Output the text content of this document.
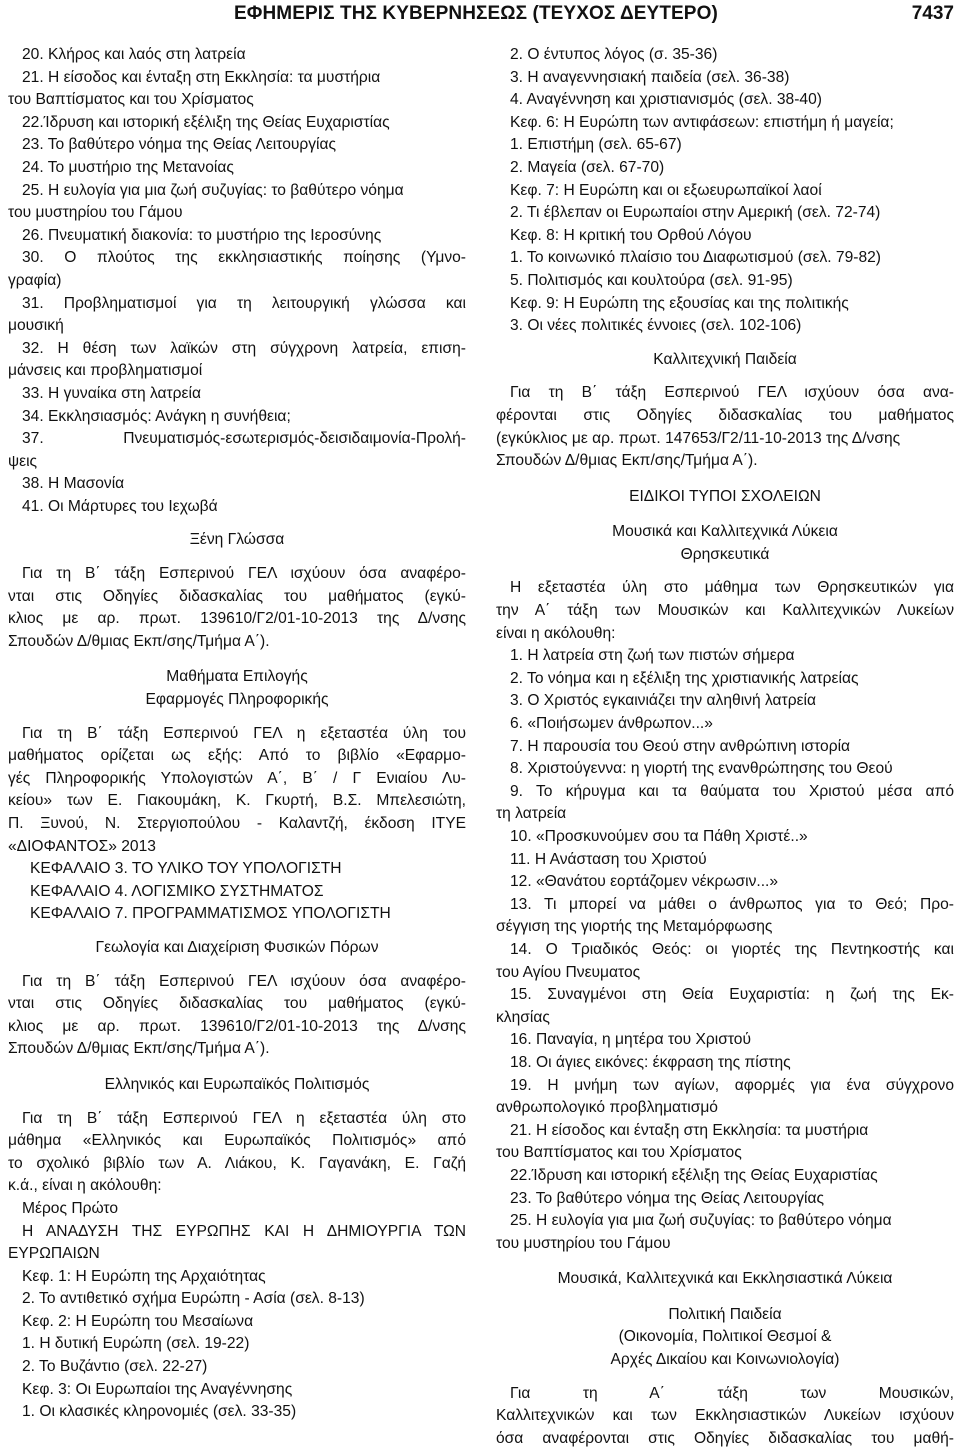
ΕΦΗΜΕΡΙΣ ΤΗΣ ΚΥΒΕΡΝΗΣΕΩΣ (ΤΕΥΧΟΣ ΔΕΥΤΕΡΟ)	7437
20. Κλήρος και λαός στη λατρεία
21. Η είσοδος και ένταξη στη Εκκλησία: τα μυστήρια
του Βαπτίσματος και του Χρίσματος
22.Ίδρυση και ιστορική εξέλιξη της Θείας Ευχαριστίας
23. Το βαθύτερο νόημα της Θείας Λειτουργίας
24. Το μυστήριο της Μετανοίας
25. Η ευλογία για μια ζωή συζυγίας: το βαθύτερο νόημα
του μυστηρίου του Γάμου
26. Πνευματική διακονία: το μυστήριο της Ιεροσύνης
30. Ο πλούτος της εκκλησιαστικής ποίησης (Υμνο-
γραφία)
31. Προβληματισμοί για τη λειτουργική γλώσσα και
μουσική
32. Η θέση των λαϊκών στη σύγχρονη λατρεία, επιση-
μάνσεις και προβληματισμοί
33. Η γυναίκα στη λατρεία
34. Εκκλησιασμός: Ανάγκη η συνήθεια;
37. Πνευματισμός-εσωτερισμός-δεισιδαιμονία-Προλή-
ψεις
38. Η Μασονία
41. Οι Μάρτυρες του Ιεχωβά
Ξένη Γλώσσα
Για τη Β΄ τάξη Εσπερινού ΓΕΛ ισχύουν όσα αναφέρο-
νται στις Οδηγίες διδασκαλίας του μαθήματος (εγκύ-
κλιος με αρ. πρωτ. 139610/Γ2/01-10-2013 της Δ/νσης
Σπουδών Δ/θμιας Εκπ/σης/Τμήμα Α΄).
Μαθήματα Επιλογής
Εφαρμογές Πληροφορικής
Για τη Β΄ τάξη Εσπερινού ΓΕΛ η εξεταστέα ύλη του
μαθήματος ορίζεται ως εξής: Από το βιβλίο «Εφαρμο-
γές Πληροφορικής Υπολογιστών Α΄, Β΄ / Γ Ενιαίου Λυ-
κείου» των Ε. Γιακουμάκη, Κ. Γκυρτή, Β.Σ. Μπελεσιώτη,
Π. Ξυνού, Ν. Στεργιοπούλου - Καλαντζή, έκδοση ΙΤΥΕ
«ΔΙΟΦΑΝΤΟΣ» 2013
ΚΕΦΑΛΑΙΟ 3. ΤΟ ΥΛΙΚΟ ΤΟΥ ΥΠΟΛΟΓΙΣΤΗ
ΚΕΦΑΛΑΙΟ 4. ΛΟΓΙΣΜΙΚΟ ΣΥΣΤΗΜΑΤΟΣ
ΚΕΦΑΛΑΙΟ 7. ΠΡΟΓΡΑΜΜΑΤΙΣΜΟΣ ΥΠΟΛΟΓΙΣΤΗ
Γεωλογία και Διαχείριση Φυσικών Πόρων
Για τη Β΄ τάξη Εσπερινού ΓΕΛ ισχύουν όσα αναφέρο-
νται στις Οδηγίες διδασκαλίας του μαθήματος (εγκύ-
κλιος με αρ. πρωτ. 139610/Γ2/01-10-2013 της Δ/νσης
Σπουδών Δ/θμιας Εκπ/σης/Τμήμα Α΄).
Ελληνικός και Ευρωπαϊκός Πολιτισμός
Για τη Β΄ τάξη Εσπερινού ΓΕΛ η εξεταστέα ύλη στο
μάθημα «Ελληνικός και Ευρωπαϊκός Πολιτισμός» από
το σχολικό βιβλίο των Α. Λιάκου, Κ. Γαγανάκη, Ε. Γαζή
κ.ά., είναι η ακόλουθη:
Μέρος Πρώτο
Η ΑΝΑΔΥΣΗ ΤΗΣ ΕΥΡΩΠΗΣ ΚΑΙ Η ΔΗΜΙΟΥΡΓΙΑ ΤΩΝ
ΕΥΡΩΠΑΙΩΝ
Κεφ. 1: Η Ευρώπη της Αρχαιότητας
2. Το αντιθετικό σχήμα Ευρώπη - Ασία (σελ. 8-13)
Κεφ. 2: Η Ευρώπη του Μεσαίωνα
1. Η δυτική Ευρώπη (σελ. 19-22)
2. Το Βυζάντιο (σελ. 22-27)
Κεφ. 3: Οι Ευρωπαίοι της Αναγέννησης
1. Οι κλασικές κληρονομιές (σελ. 33-35)
2. Ο έντυπος λόγος (σ. 35-36)
3. Η αναγεννησιακή παιδεία (σελ. 36-38)
4. Αναγέννηση και χριστιανισμός (σελ. 38-40)
Κεφ. 6: Η Ευρώπη των αντιφάσεων: επιστήμη ή μαγεία;
1. Επιστήμη (σελ. 65-67)
2. Μαγεία (σελ. 67-70)
Κεφ. 7: Η Ευρώπη και οι εξωευρωπαϊκοί λαοί
2. Τι έβλεπαν οι Ευρωπαίοι στην Αμερική (σελ. 72-74)
Κεφ. 8: Η κριτική του Ορθού Λόγου
1. Το κοινωνικό πλαίσιο του Διαφωτισμού (σελ. 79-82)
5. Πολιτισμός και κουλτούρα (σελ. 91-95)
Κεφ. 9: Η Ευρώπη της εξουσίας και της πολιτικής
3. Οι νέες πολιτικές έννοιες (σελ. 102-106)
Καλλιτεχνική Παιδεία
Για τη Β΄ τάξη Εσπερινού ΓΕΛ ισχύουν όσα ανα-
φέρονται στις Οδηγίες διδασκαλίας του μαθήματος
(εγκύκλιος με αρ. πρωτ. 147653/Γ2/11-10-2013 της Δ/νσης
Σπουδών Δ/θμιας Εκπ/σης/Τμήμα Α΄).
ΕΙΔΙΚΟΙ ΤΥΠΟΙ ΣΧΟΛΕΙΩΝ
Μουσικά και Καλλιτεχνικά Λύκεια
Θρησκευτικά
Η εξεταστέα ύλη στο μάθημα των Θρησκευτικών για
την Α΄ τάξη των Μουσικών και Καλλιτεχνικών Λυκείων
είναι η ακόλουθη:
1. Η λατρεία στη ζωή των πιστών σήμερα
2. Το νόημα και η εξέλιξη της χριστιανικής λατρείας
3. Ο Χριστός εγκαινιάζει την αληθινή λατρεία
6. «Ποιήσωμεν άνθρωπον...»
7. Η παρουσία του Θεού στην ανθρώπινη ιστορία
8. Χριστούγεννα: η γιορτή της ενανθρώπησης του Θεού
9. Το κήρυγμα και τα θαύματα του Χριστού μέσα από
τη λατρεία
10. «Προσκυνούμεν σου τα Πάθη Χριστέ..»
11. Η Ανάσταση του Χριστού
12. «Θανάτου εορτάζομεν νέκρωσιν...»
13. Τι μπορεί να μάθει ο άνθρωπος για το Θεό; Προ-
σέγγιση της γιορτής της Μεταμόρφωσης
14. Ο Τριαδικός Θεός: οι γιορτές της Πεντηκοστής και
του Αγίου Πνευματος
15. Συναγμένοι στη Θεία Ευχαριστία: η ζωή της Εκ-
κλησίας
16. Παναγία, η μητέρα του Χριστού
18. Οι άγιες εικόνες: έκφραση της πίστης
19. Η μνήμη των αγίων, αφορμές για ένα σύγχρονο
ανθρωπολογικό προβληματισμό
21. Η είσοδος και ένταξη στη Εκκλησία: τα μυστήρια
του Βαπτίσματος και του Χρίσματος
22.Ίδρυση και ιστορική εξέλιξη της Θείας Ευχαριστίας
23. Το βαθύτερο νόημα της Θείας Λειτουργίας
25. Η ευλογία για μια ζωή συζυγίας: το βαθύτερο νόημα
του μυστηρίου του Γάμου
Μουσικά, Καλλιτεχνικά και Εκκλησιαστικά Λύκεια
Πολιτική Παιδεία
(Οικονομία, Πολιτικοί Θεσμοί &
Αρχές Δικαίου και Κοινωνιολογία)
Για τη Α΄ τάξη των Μουσικών,
Καλλιτεχνικών και των Εκκλησιαστικών Λυκείων ισχύουν
όσα αναφέρονται στις Οδηγίες διδασκαλίας του μαθή-
